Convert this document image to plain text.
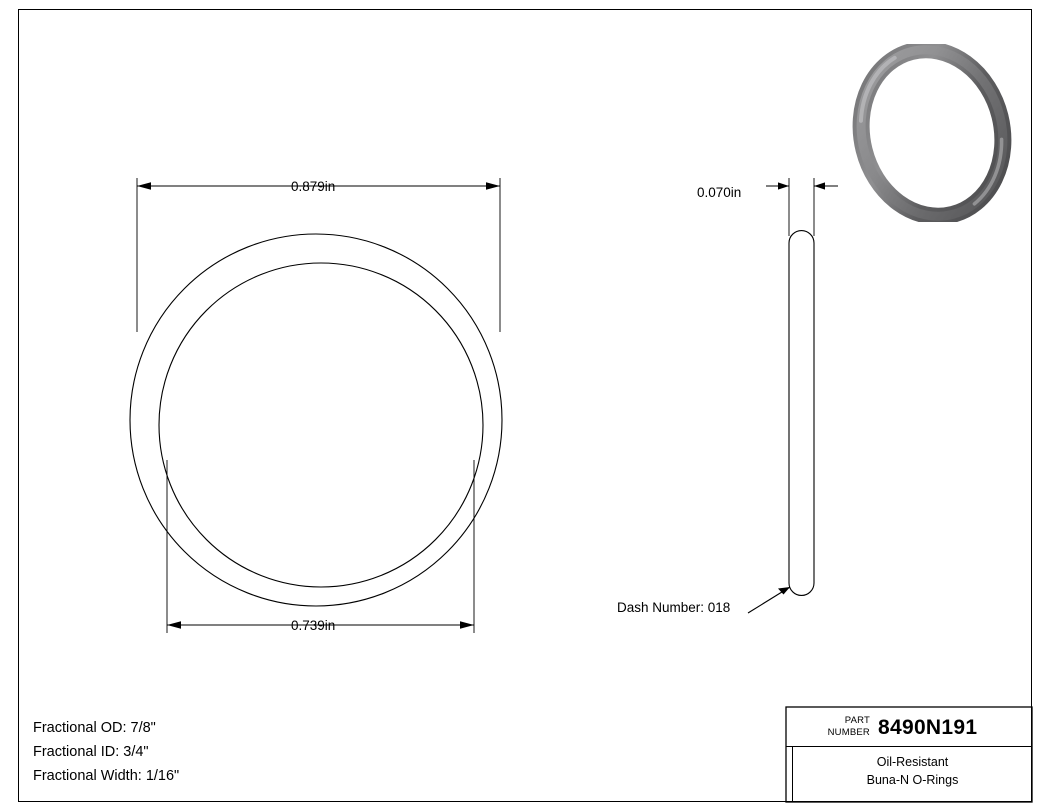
0.879in
0.739in
0.070in
Dash Number: 018
Fractional OD: 7/8"
Fractional ID: 3/4"
Fractional Width: 1/16"
PART
NUMBER 8490N191
Oil-Resistant
Buna-N O-Rings
